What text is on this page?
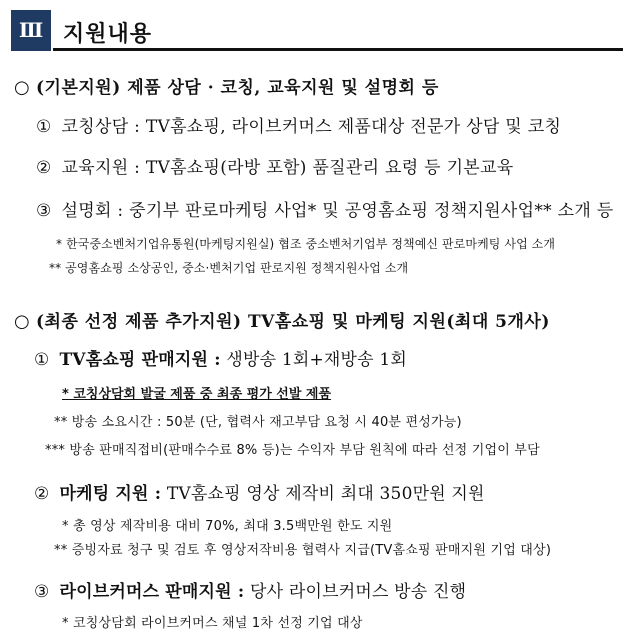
Ⅲ 지원내용
○ (기본지원) 제품 상담 · 코칭, 교육지원 및 설명회 등
① 코칭상담 : TV홈쇼핑, 라이브커머스 제품대상 전문가 상담 및 코칭
② 교육지원 : TV홈쇼핑(라방 포함) 품질관리 요령 등 기본교육
③ 설명회 : 중기부 판로마케팅 사업* 및 공영홈쇼핑 정책지원사업** 소개 등
* 한국중소벤처기업유통원(마케팅지원실) 협조 중소벤처기업부 정책예신 판로마케팅 사업 소개
** 공영홈쇼핑 소상공인, 중소·벤처기업 판로지원 정책지원사업 소개
○ (최종 선정 제품 추가지원) TV홈쇼핑 및 마케팅 지원(최대 5개사)
① TV홈쇼핑 판매지원 : 생방송 1회+재방송 1회
* 코칭상담회 발굴 제품 중 최종 평가 선발 제품
** 방송 소요시간 : 50분 (단, 협력사 재고부담 요청 시 40분 편성가능)
*** 방송 판매직접비(판매수수료 8% 등)는 수익자 부담 원칙에 따라 선정 기업이 부담
② 마케팅 지원 : TV홈쇼핑 영상 제작비 최대 350만원 지원
* 총 영상 제작비용 대비 70%, 최대 3.5백만원 한도 지원
** 증빙자료 청구 및 검토 후 영상저작비용 협력사 지급(TV홈쇼핑 판매지원 기업 대상)
③ 라이브커머스 판매지원 : 당사 라이브커머스 방송 진행
* 코칭상담회 라이브커머스 채널 1차 선정 기업 대상
